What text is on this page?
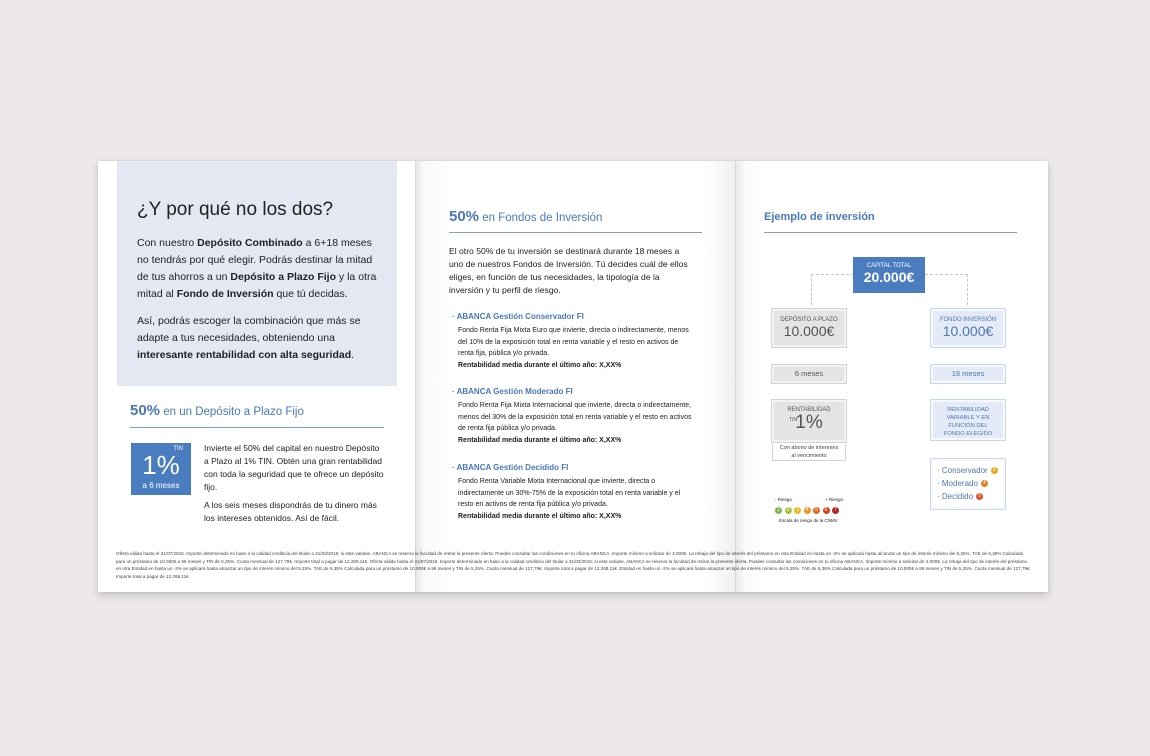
¿Y por qué no los dos?
Con nuestro Depósito Combinado a 6+18 meses no tendrás por qué elegir. Podrás destinar la mitad de tus ahorros a un Depósito a Plazo Fijo y la otra mitad al Fondo de Inversión que tú decidas.
Así, podrás escoger la combinación que más se adapte a tus necesidades, obteniendo una interesante rentabilidad con alta seguridad.
50% en un Depósito a Plazo Fijo
TIN
1%
a 6 meses
Invierte el 50% del capital en nuestro Depósito a Plazo al 1% TIN. Obtén una gran rentabilidad con toda la seguridad que te ofrece un depósito fijo.
A los seis meses dispondrás de tu dinero más los intereses obtenidos. Así de fácil.
50% en Fondos de Inversión
El otro 50% de tu inversión se destinará durante 18 meses a uno de nuestros Fondos de Inversión. Tú decides cuál de ellos eliges, en función de tus necesidades, la tipología de la inversión y tu perfil de riesgo.
· ABANCA Gestión Conservador FI
Fondo Renta Fija Mixta Euro que invierte, directa o indirectamente, menos del 10% de la exposición total en renta variable y el resto en activos de renta fija, pública y/o privada.
Rentabilidad media durante el último año: X,XX%
· ABANCA Gestión Moderado FI
Fondo Renta Fija Mixta Internacional que invierte, directa o indirectamente, menos del 30% de la exposición total en renta variable y el resto en activos de renta fija pública y/o privada.
Rentabilidad media durante el último año: X,XX%
· ABANCA Gestión Decidido FI
Fondo Renta Variable Mixta Internacional que invierte, directa o indirectamente un 30%-75% de la exposición total en renta variable y el resto en activos de renta fija pública y/o privada.
Rentabilidad media durante el último año: X,XX%
Ejemplo de inversión
CAPITAL TOTAL
20.000€
DEPÓSITO A PLAZO
10.000€
FONDO INVERSIÓN
10.000€
6 meses	18 meses
RENTABILIDAD
TIN
1%
Con abono de intereses al vencimiento
RENTABILIDAD VARIABLE Y EN FUNCIÓN DEL FONDO ELEGIDO
· Conservador 3
· Moderado 4
· Decidido 5
- Riesgo	+ Riesgo
1	2	3	4	5	6	7
Escala de riesgo de la CNMV
Oferta válida hasta el 31/07/2016. Importe determinado en base a la calidad crediticia del titular a 31/03/2016; si este variase, ABANCA se reserva la facultad de retirar la presente oferta. Puedes consultar las condiciones en tu oficina ABANCA. Importe mínimo a solicitar de 3.000€. La rebaja del tipo de interés del préstamo en otra Entidad en hasta un -2% se aplicará hasta alcanzar un tipo de interés mínimo del 5,25%. TAE de 5,38% Calculada para un préstamo de 10.000€ a 96 meses y TIN de 5,25%. Cuota mensual de 127,79€. Importe total a pagar de 12.268,11€. Oferta válida hasta el 31/07/2016. Importe determinado en base a la calidad crediticia del titular a 31/03/2016; si este variase, ABANCA se reserva la facultad de retirar la presente oferta. Puedes consultar las condiciones en tu oficina ABANCA. Importe mínimo a solicitar de 3.000€. La rebaja del tipo de interés del préstamo en otra Entidad en hasta un -2% se aplicará hasta alcanzar un tipo de interés mínimo del 5,25%. TAE de 5,38% Calculada para un préstamo de 10.000€ a 96 meses y TIN de 5,25%. Cuota mensual de 127,79€. Importe total a pagar de 12.268,11€. Entidad en hasta un -2% se aplicará hasta alcanzar un tipo de interés mínimo del 5,25%. TAE de 5,38% Calculada para un préstamo de 10.000€ a 96 meses y TIN de 5,25%. Cuota mensual de 127,79€. Importe total a pagar de 12.268,11€
